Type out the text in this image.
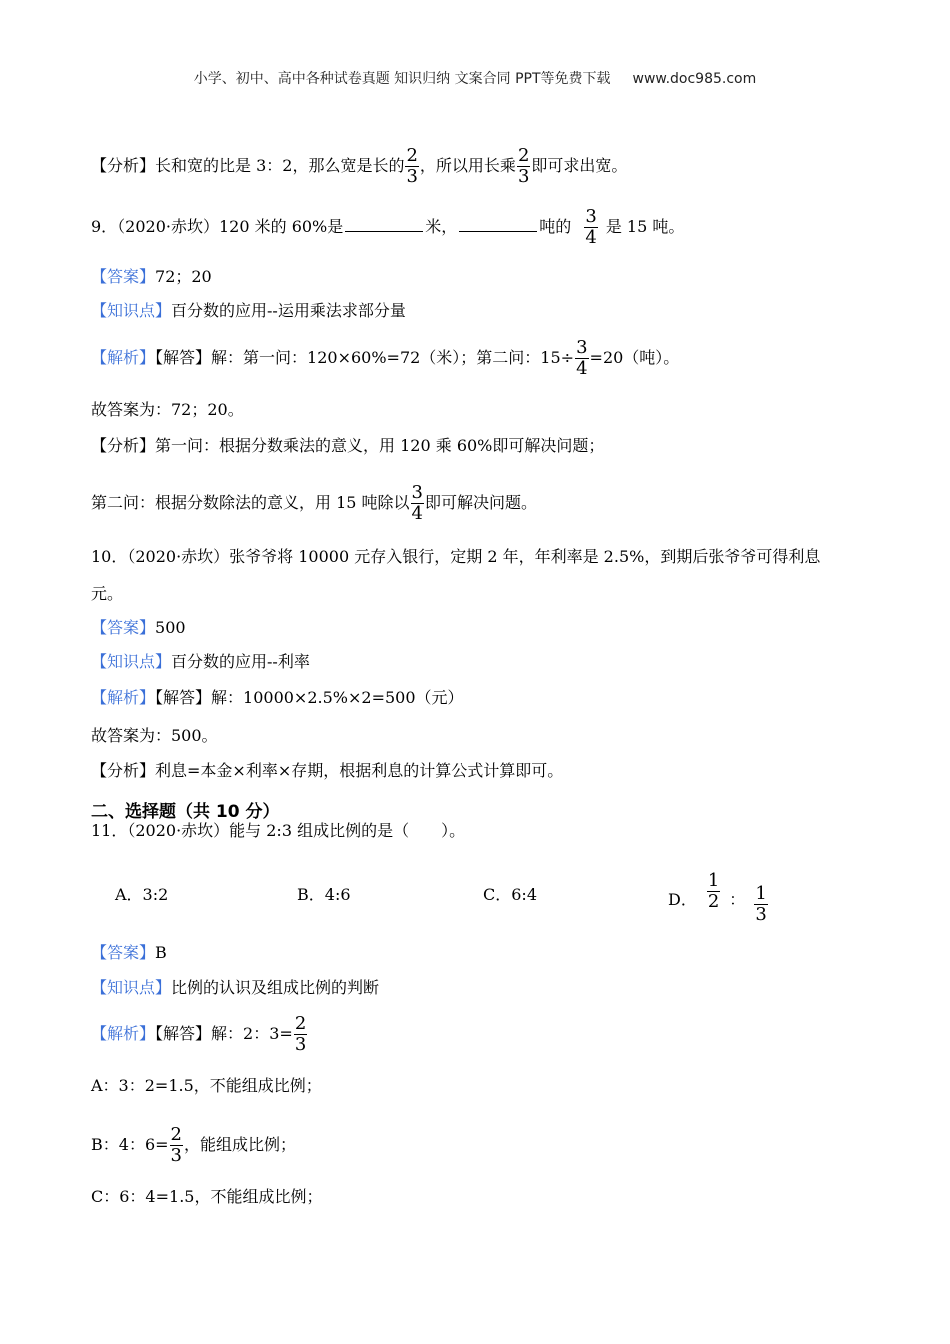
小学、初中、高中各种试卷真题 知识归纳 文案合同 PPT等免费下载 www.doc985.com
【分析】长和宽的比是 3：2，那么宽是长的 $\frac{2}{3}$ ，所以用长乘 $\frac{2}{3}$ 即可求出宽。
9．（2020·赤坎）120 米的 60%是	米，	吨的 $\frac{3}{4}$ 是 15 吨。
【答案】72；20
【知识点】百分数的应用--运用乘法求部分量
【解析】【解答】解：第一问：120×60%=72（米）；第二问：$15\div \frac{3}{4} =20$（吨）。
故答案为：72；20。
【分析】第一问：根据分数乘法的意义，用 120 乘 60%即可解决问题；
第二问：根据分数除法的意义，用 15 吨除以 $\frac{3}{4}$ 即可解决问题。
10．（2020·赤坎）张爷爷将 10000 元存入银行，定期 2 年，年利率是 2.5%，到期后张爷爷可得利息
元。
【答案】500
【知识点】百分数的应用--利率
【解析】【解答】解：10000×2.5%×2=500（元）
故答案为：500。
【分析】利息=本金×利率×存期，根据利息的计算公式计算即可。
二、选择题（共 10 分）
11．（2020·赤坎）能与 2:3 组成比例的是（　　）。
A．3:2	B．4:6	C．6:4	D． $\frac{1}{2}$ ： $\frac{1}{3}$
【答案】B
【知识点】比例的认识及组成比例的判断
【解析】【解答】解：2：$3= \frac{2}{3}$
A：3：2=1.5，不能组成比例；
B：4：$6= \frac{2}{3}$ ，能组成比例；
C：6：4=1.5，不能组成比例；
